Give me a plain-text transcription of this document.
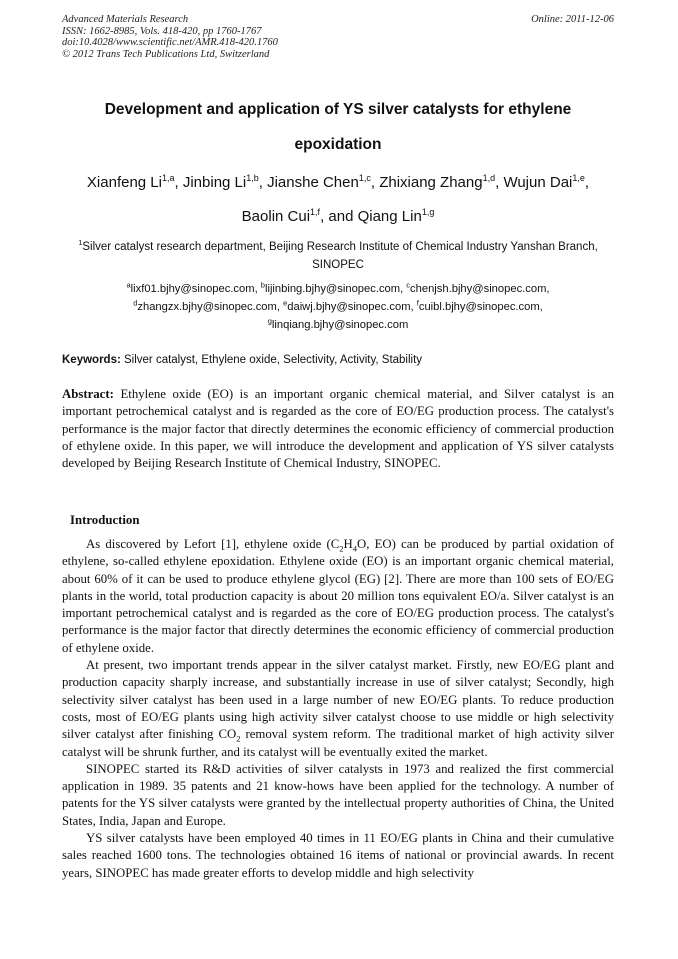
Advanced Materials Research
ISSN: 1662-8985, Vols. 418-420, pp 1760-1767
doi:10.4028/www.scientific.net/AMR.418-420.1760
© 2012 Trans Tech Publications Ltd, Switzerland
Online: 2011-12-06
Development and application of YS silver catalysts for ethylene epoxidation
Xianfeng Li$^{1,a}$, Jinbing Li$^{1,b}$, Jianshe Chen$^{1,c}$, Zhixiang Zhang$^{1,d}$, Wujun Dai$^{1,e}$,
Baolin Cui$^{1,f}$, and Qiang Lin$^{1,g}$
$^1$Silver catalyst research department, Beijing Research Institute of Chemical Industry Yanshan Branch, SINOPEC
$^a$lixf01.bjhy@sinopec.com, $^b$lijinbing.bjhy@sinopec.com, $^c$chenjsh.bjhy@sinopec.com,
$^d$zhangzx.bjhy@sinopec.com, $^e$daiwj.bjhy@sinopec.com, $^f$cuibl.bjhy@sinopec.com,
$^g$linqiang.bjhy@sinopec.com
Keywords: Silver catalyst, Ethylene oxide, Selectivity, Activity, Stability
Abstract: Ethylene oxide (EO) is an important organic chemical material, and Silver catalyst is an important petrochemical catalyst and is regarded as the core of EO/EG production process. The catalyst's performance is the major factor that directly determines the economic efficiency of commercial production of ethylene oxide. In this paper, we will introduce the development and application of YS silver catalysts developed by Beijing Research Institute of Chemical Industry, SINOPEC.
Introduction

As discovered by Lefort [1], ethylene oxide ($C_2H_4O$, EO) can be produced by partial oxidation of ethylene, so-called ethylene epoxidation. Ethylene oxide (EO) is an important organic chemical material, about 60% of it can be used to produce ethylene glycol (EG) [2]. There are more than 100 sets of EO/EG plants in the world, total production capacity is about 20 million tons equivalent EO/a. Silver catalyst is an important petrochemical catalyst and is regarded as the core of EO/EG production process. The catalyst's performance is the major factor that directly determines the economic efficiency of commercial production of ethylene oxide.

At present, two important trends appear in the silver catalyst market. Firstly, new EO/EG plant and production capacity sharply increase, and substantially increase in use of silver catalyst; Secondly, high selectivity silver catalyst has been used in a large number of new EO/EG plants. To reduce production costs, most of EO/EG plants using high activity silver catalyst choose to use middle or high selectivity silver catalyst after finishing $CO_2$ removal system reform. The traditional market of high activity silver catalyst will be shrunk further, and its catalyst will be eventually exited the market.

SINOPEC started its R&D activities of silver catalysts in 1973 and realized the first commercial application in 1989. 35 patents and 21 know-hows have been applied for the technology. A number of patents for the YS silver catalysts were granted by the intellectual property authorities of China, the United States, India, Japan and Europe.

YS silver catalysts have been employed 40 times in 11 EO/EG plants in China and their cumulative sales reached 1600 tons. The technologies obtained 16 items of national or provincial awards. In recent years, SINOPEC has made greater efforts to develop middle and high selectivity
